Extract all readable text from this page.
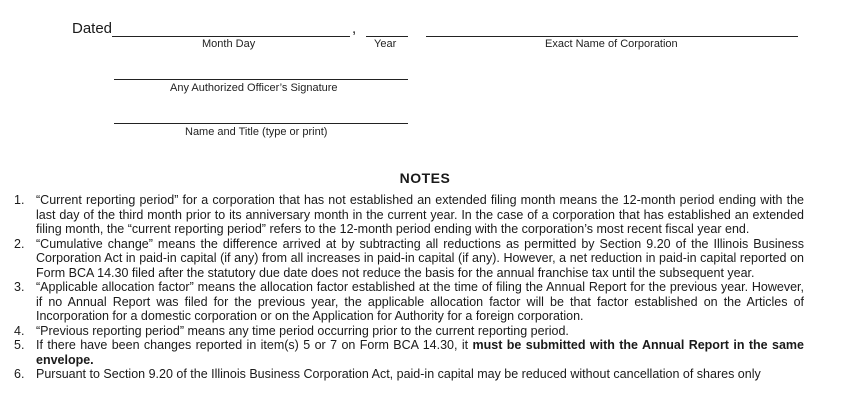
Dated	,
Month Day	Year	Exact Name of Corporation
Any Authorized Officer’s Signature
Name and Title (type or print)
NOTES
1. “Current reporting period” for a corporation that has not established an extended filing month means the 12-month period ending with the last day of the third month prior to its anniversary month in the current year. In the case of a corporation that has established an extended filing month, the “current reporting period” refers to the 12-month period ending with the corporation’s most recent fiscal year end.
2. “Cumulative change” means the difference arrived at by subtracting all reductions as permitted by Section 9.20 of the Illinois Business Corporation Act in paid-in capital (if any) from all increases in paid-in capital (if any). However, a net reduction in paid-in capital reported on Form BCA 14.30 filed after the statutory due date does not reduce the basis for the annual franchise tax until the subsequent year.
3. “Applicable allocation factor” means the allocation factor established at the time of filing the Annual Report for the previous year. However, if no Annual Report was filed for the previous year, the applicable allocation factor will be that factor established on the Articles of Incorporation for a domestic corporation or on the Application for Authority for a foreign corporation.
4. “Previous reporting period” means any time period occurring prior to the current reporting period.
5. If there have been changes reported in item(s) 5 or 7 on Form BCA 14.30, it must be submitted with the Annual Report in the same envelope.
6. Pursuant to Section 9.20 of the Illinois Business Corporation Act, paid-in capital may be reduced without cancellation of shares only
